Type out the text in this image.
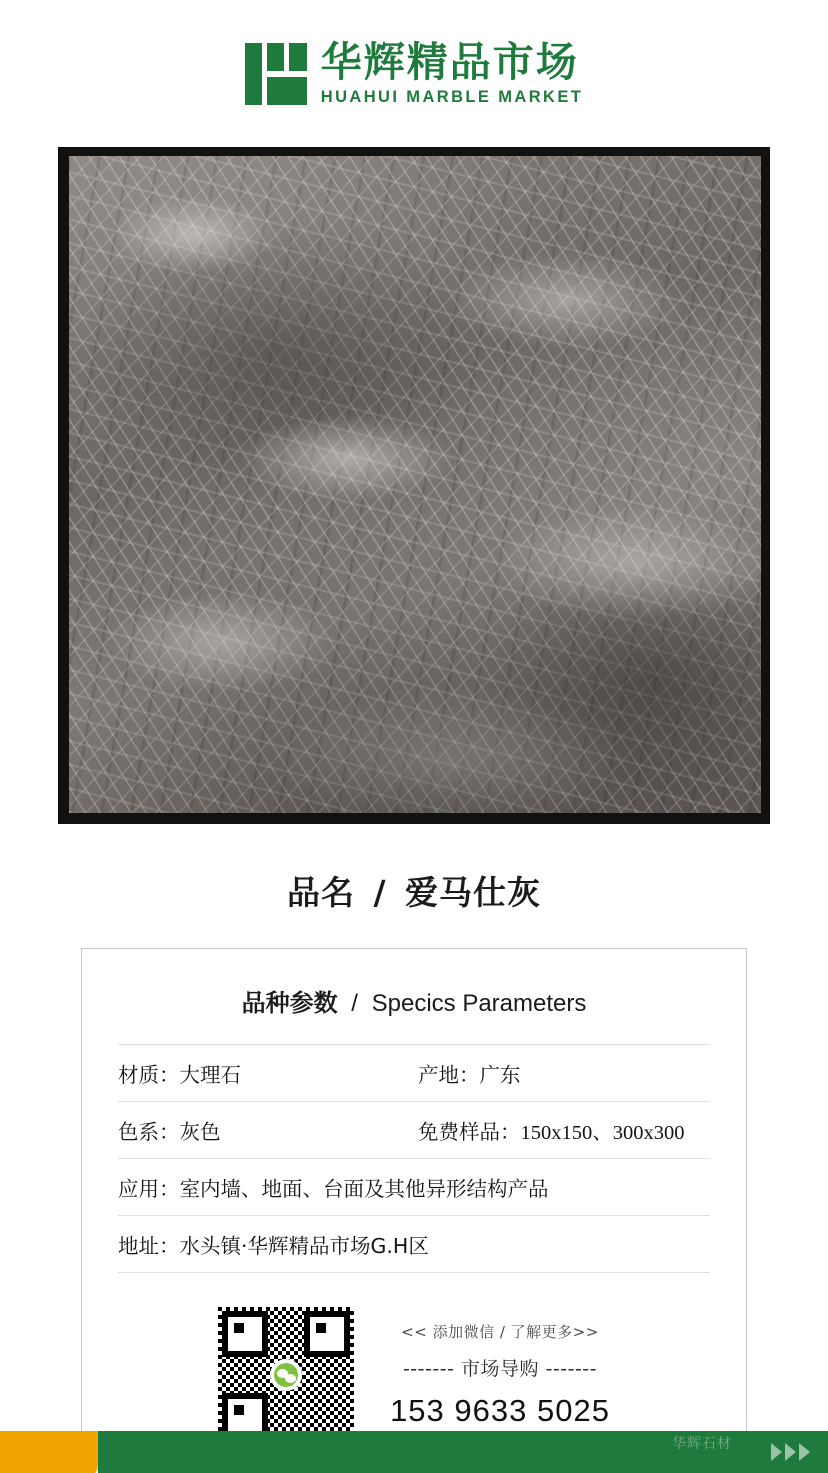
华辉精品市场
HUAHUI MARBLE MARKET
品名 / 爱马仕灰
品种参数 / Specics Parameters
材质： 大理石	产地： 广东
色系： 灰色	免费样品： 150x150、300x300
应用： 室内墙、地面、台面及其他异形结构产品
地址： 水头镇·华辉精品市场G.H区
<< 添加微信 / 了解更多>>
------- 市场导购 -------
153 9633 5025
华辉石材
